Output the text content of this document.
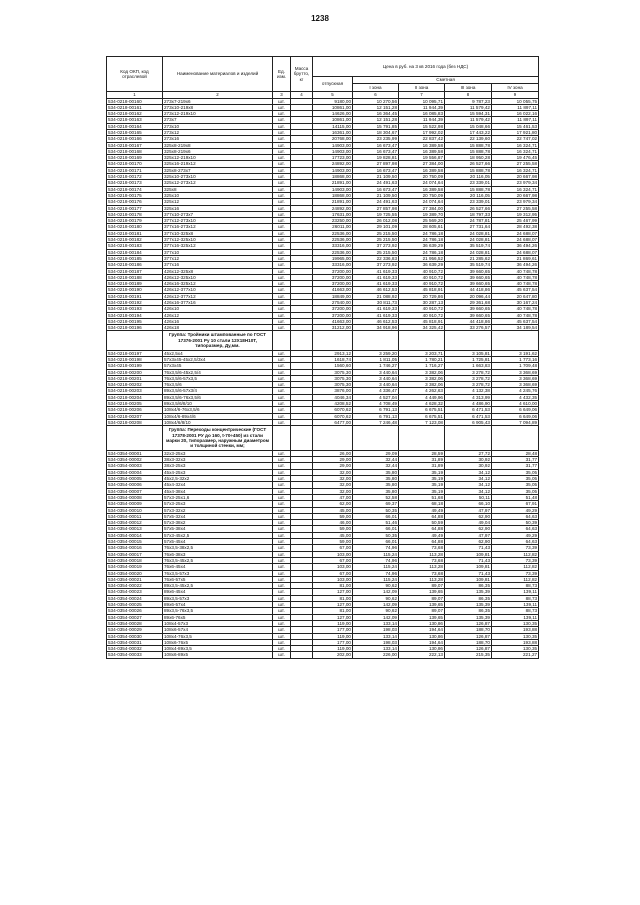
1238
Код ОКП, код отраслевой	Наименование материалов и изделий	Ед. изм.	Масса брутто, кг	Цена в руб. на 3 кв 2016 года (без НДС)				
				отпускная	Сметная			
					I зона	II зона	III зона	IV зона
1	2	3	4	5	6	7	8	9
534-0218-00160	273x7-219x6	шт.		9180,00	10 270,56	10 095,71	9 787,23	10 055,75
534-0218-00161	273x10-219x8	шт.		10861,00	12 151,28	11 944,39	11 579,42	11 897,11
534-0218-00162	273x12-219x10	шт.		14626,00	16 364,45	16 085,83	15 594,31	16 022,16
534-0218-00163	273x7	шт.		10861,00	12 151,28	11 944,39	11 579,42	11 897,11
534-0218-00164	273x10	шт.		14115,00	15 791,85	15 522,98	15 048,66	15 461,53
534-0218-00165	273x12	шт.		16361,00	18 304,67	17 992,02	17 443,22	17 921,80
534-0218-00166	273x16	шт.		20768,00	23 235,99	22 837,42	22 139,60	22 747,02
534-0218-00167	325x8-219x8	шт.		14903,00	16 673,47	16 389,58	15 888,78	16 324,71
534-0218-00168	325x8-219x6	шт.		14903,00	16 673,47	16 389,58	15 888,78	16 324,71
534-0218-00169	325x12-219x10	шт.		17723,00	19 828,81	19 556,87	18 950,28	19 476,45
534-0218-00170	325x16-219x12	шт.		24892,00	27 897,98	27 384,00	26 527,66	27 255,58
534-0218-00171	325x8-273x7	шт.		14903,00	16 673,47	16 389,58	15 888,78	16 324,71
534-0218-00172	325x10-273x10	шт.		18868,00	21 109,50	20 750,09	20 116,05	20 667,98
534-0218-00173	325x12-273x12	шт.		21891,00	24 491,63	24 074,64	23 339,01	23 979,34
534-0218-00174	325x8	шт.		14903,00	16 673,47	16 389,58	15 888,78	16 324,71
534-0218-00175	325x10	шт.		18868,00	21 109,50	20 750,09	20 116,05	20 667,98
534-0218-00176	325x12	шт.		21891,00	24 491,63	24 074,64	23 339,01	23 979,34
534-0218-00177	325x16	шт.		24892,00	27 857,98	27 384,00	26 527,66	27 255,58
534-0218-00178	377x10-273x7	шт.		17631,00	19 725,55	19 389,70	18 797,33	19 312,95
534-0218-00179	377x12-273x10	шт.		23250,00	26 012,08	25 569,20	24 787,81	25 467,99
534-0218-00180	377x16-273x12	шт.		26011,00	29 101,09	28 605,61	27 731,64	28 492,38
534-0218-00181	377x10-325x8	шт.		22536,00	25 215,50	24 786,18	24 028,81	24 688,07
534-0218-00182	377x12-325x10	шт.		22536,00	25 215,50	24 786,18	24 028,81	24 688,07
534-0218-00183	377x16-325x12	шт.		33316,00	37 273,92	36 639,29	35 519,74	36 494,26
534-0218-00184	377x10	шт.		22536,00	25 215,50	24 786,18	24 028,81	24 688,07
534-0218-00185	377x12	шт.		19965,00	22 336,83	21 956,52	21 285,62	21 869,61
534-0218-00186	377x16	шт.		33316,00	37 273,92	36 639,29	35 519,74	36 494,26
534-0218-00187	426x12-325x8	шт.		37200,00	41 619,33	40 910,72	39 660,65	40 748,78
534-0218-00188	426x12-325x10	шт.		37200,00	41 619,33	40 910,72	39 660,65	40 748,78
534-0218-00189	426x16-325x12	шт.		37200,00	41 619,33	40 910,72	39 660,65	40 748,78
534-0218-00190	426x12-377x10	шт.		41663,00	46 612,53	45 818,91	44 418,86	45 637,54
534-0218-00191	426x12-377x12	шт.		18849,00	21 088,92	20 729,86	20 096,44	20 647,80
534-0218-00192	426x16-377x16	шт.		27540,00	30 811,73	30 287,13	29 361,68	30 167,24
534-0218-00193	426x10	шт.		37200,00	41 619,33	40 910,72	39 660,65	40 748,78
534-0218-00194	426x12	шт.		37200,00	41 619,33	40 910,72	39 660,65	40 748,78
534-0218-00195	426x16	шт.		41663,00	46 612,53	45 818,91	44 418,86	45 637,54
534-0218-00196	426x18	шт.		31212,00	34 918,96	34 325,42	33 276,57	34 189,54
	Группа: Тройники штампованные по ГОСТ 17376-2001 Ру 10 стали 12Х18Н10Т, типоразмер, Ду,мм.							
534-0218-00197	45x2,5x4	шт.		2913,12	3 259,20	3 203,71	3 105,81	3 191,62
534-0218-00198	57x3x45-45x2,5/3x4	шт.		1618,74	1 811,05	1 780,21	1 725,81	1 773,16
534-0218-00199	57x3x45	шт.		1560,60	1 746,27	1 716,27	1 663,83	1 709,48
534-0218-00200	76x3,5/6-45x2,5/4	шт.		3075,30	3 440,64	3 382,06	3 278,72	3 368,69
534-0218-00201	76x3,5/6-57x3,5	шт.		3075,30	3 440,64	3 382,06	3 278,72	3 368,69
534-0218-00202	76x3,5/6	шт.		3075,30	3 440,64	3 382,06	3 278,72	3 368,69
534-0218-00203	89x3,5/6-57x3/4	шт.		3876,00	4 336,47	4 262,63	4 132,38	4 245,76
534-0218-00204	89x3,5/6-76x3,5/6	шт.		4046,34	4 527,04	4 449,96	4 313,99	4 432,35
534-0218-00205	89x3,5/6/8/10	шт.		4208,52	4 708,49	4 628,32	4 486,90	4 610,00
534-0218-00206	108x4/6-76x3,5/6	шт.		6070,62	6 791,13	6 675,51	6 471,53	6 649,06
534-0218-00207	108x4/6-89x4/6	шт.		6070,62	6 791,13	6 675,51	6 471,53	6 649,06
534-0218-00208	108x4/6/8/10	шт.		6477,00	7 246,48	7 123,08	6 905,43	7 094,89
	Группа: Переходы концентрические (ГОСТ 17378-2001 РУ до 160, t-70÷450) из стали марки 20, типоразмер, наружным диаметром и толщиной стенки, мм;							
534-0354-00001	32x3-25x3	шт.		26,00	29,09	28,59	27,72	28,48
534-0354-00002	38x3-32x3	шт.		29,00	32,44	31,89	30,92	31,77
534-0354-00003	38x3-25x3	шт.		29,00	32,44	31,89	30,92	31,77
534-0354-00004	45x4-25x3	шт.		32,00	35,80	35,19	34,12	35,05
534-0354-00005	45x2,5-32x2	шт.		32,00	35,80	35,19	34,12	35,05
534-0354-00006	45x4-32x4	шт.		32,00	35,80	35,19	34,12	35,05
534-0354-00007	45x4-38x4	шт.		32,00	35,80	35,19	34,12	35,05
534-0354-00008	57x3-25x1,6	шт.		47,00	52,58	51,68	50,11	51,48
534-0354-00009	57x3-25x3	шт.		62,00	69,37	68,18	66,10	67,91
534-0354-00010	57x3-32x2	шт.		45,00	50,35	49,49	47,97	49,29
534-0354-00011	57x5-32x4	шт.		59,00	66,01	64,88	62,90	64,63
534-0354-00012	57x3-38x2	шт.		46,00	51,46	50,59	49,04	50,39
534-0354-00013	57x5-38x4	шт.		59,00	66,01	64,88	62,90	64,63
534-0354-00014	57x3-45x2,5	шт.		45,00	50,35	49,49	47,97	49,29
534-0354-00015	57x5-45x4	шт.		59,00	66,01	64,88	62,90	64,63
534-0354-00016	76x3,5-38x2,5	шт.		67,00	74,96	73,68	71,43	73,39
534-0354-00017	76x6-38x3	шт.		103,00	115,24	113,28	109,81	112,82
534-0354-00018	76x3,5-45x2,5	шт.		67,00	74,96	73,68	71,43	73,39
534-0354-00019	76x6-45x4	шт.		103,00	115,24	113,28	109,81	112,82
534-0354-00020	76x3,5-57x3	шт.		67,00	74,96	73,68	71,43	73,39
534-0354-00021	76x6-57x5	шт.		103,00	115,24	113,28	109,81	112,82
534-0354-00022	89x3,5-45x2,5	шт.		81,00	90,62	89,07	86,35	88,73
534-0354-00023	89x6-45x4	шт.		127,00	142,09	139,65	135,39	139,11
534-0354-00024	89x3,5-57x3	шт.		81,00	90,62	89,07	86,35	88,73
534-0354-00025	89x6-57x4	шт.		127,00	142,09	139,65	135,39	139,11
534-0354-00026	89x3,5-76x3,5	шт.		81,00	90,62	89,07	86,35	88,73
534-0354-00027	89x6-76x5	шт.		127,00	142,09	139,65	135,39	139,11
534-0354-00028	108x4-57x3	шт.		119,00	133,14	130,86	126,87	130,35
534-0354-00029	108x6-57x4	шт.		177,00	198,03	194,64	188,70	193,88
534-0354-00030	108x4-76x3,5	шт.		119,00	133,14	130,86	126,87	130,35
534-0354-00031	108x6-76x5	шт.		177,00	198,03	194,64	188,70	193,88
534-0354-00032	108x4-89x3,5	шт.		119,00	133,14	130,86	126,87	130,35
534-0354-00033	108x6-89x5	шт.		202,00	226,00	222,13	215,35	221,27
